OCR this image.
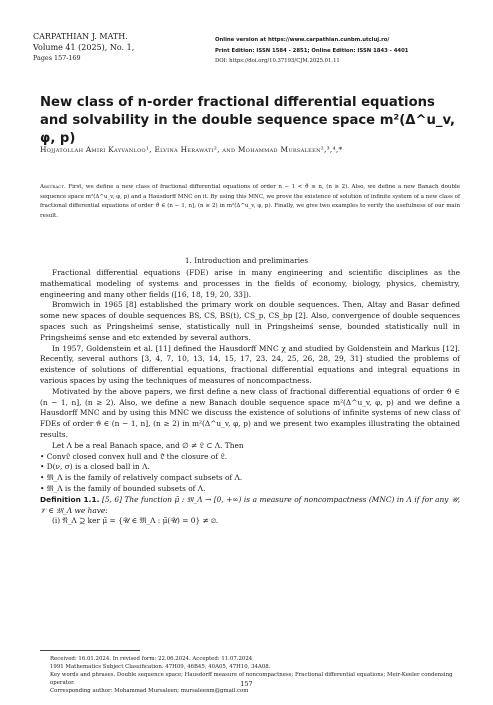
CARPATHIAN J. MATH.
Volume 41 (2025), No. 1,
Pages 157-169
Online version at https://www.carpathian.cunbm.utcluj.ro/
Print Edition: ISSN 1584 - 2851; Online Edition: ISSN 1843 - 4401
DOI: https://doi.org/10.37193/CJM.2025.01.11
New class of n-order fractional differential equations and solvability in the double sequence space m²(Δ^u_v, φ, p)
Hojjatollah Amiri Kayvanloo¹, Elvina Herawati², and Mohammad Mursaleen²,³,⁴,*
Abstract. First, we define a new class of fractional differential equations of order n − 1 < ϑ ≤ n, (n ≥ 2). Also, we define a new Banach double sequence space m²(Δ^u_v, φ, p) and a Hausdorff MNC on it. By using this MNC, we prove the existence of solution of infinite system of a new class of fractional differential equations of order ϑ ∈ (n − 1, n], (n ≥ 2) in m²(Δ^u_v, φ, p). Finally, we give two examples to verify the usefulness of our main result.
1. Introduction and preliminaries

Fractional differential equations (FDE) arise in many engineering and scientific disciplines as the mathematical modeling of systems and processes in the fields of economy, biology, physics, chemistry, engineering and many other fields ([16, 18, 19, 20, 33]).

Bromwich in 1965 [8] established the primary work on double sequences. Then, Altay and Basar defined some new spaces of double sequences BS, CS, BS(t), CS_p, CS_bp [2]. Also, convergence of double sequences spaces such as Pringsheimś sense, statistically null in Pringsheimś sense, bounded statistically null in Pringsheimś sense and etc extended by several authors.

In 1957, Goldenstein et al. [11] defined the Hausdorff MNC χ and studied by Goldenstein and Markus [12]. Recently, several authors [3, 4, 7, 10, 13, 14, 15, 17, 23, 24, 25, 26, 28, 29, 31] studied the problems of existence of solutions of differential equations, fractional differential equations and integral equations in various spaces by using the techniques of measures of noncompactness.

Motivated by the above papers, we first define a new class of fractional differential equations of order ϑ ∈ (n − 1, n], (n ≥ 2). Also, we define a new Banach double sequence space m²(Δ^u_v, φ, p) and we define a Hausdorff MNC and by using this MNC we discuss the existence of solutions of infinite systems of new class of FDEs of order ϑ ∈ (n − 1, n], (n ≥ 2) in m²(Δ^u_v, φ, p) and we present two examples illustrating the obtained results.

Let Λ be a real Banach space, and ∅ ≠ 𝔏 ⊂ Λ. Then

• Conv𝔏 closed convex hull and 𝔏̄ the closure of 𝔏.

• D(ν, σ) is a closed ball in Λ.

• 𝔐_Λ is the family of relatively compact subsets of Λ.

• 𝔐_Λ is the family of bounded subsets of Λ.

Definition 1.1. [5, 6] The function μ̃ : 𝔐_Λ → [0, +∞) is a measure of noncompactness (MNC) in Λ if for any 𝒰, 𝒱 ∈ 𝔐_Λ we have:

(i) 𝔑_Λ ⊇ ker μ̃ = {𝒰 ∈ 𝔐_Λ : μ̃(𝒰) = 0} ≠ ∅.

Received: 16.01.2024. In revised form: 22.06.2024. Accepted: 11.07.2024
1991 Mathematics Subject Classification. 47H09, 46B45, 40A05, 47H10, 34A08.
Key words and phrases. Double sequence space; Hausdorff measure of noncompactness; Fractional differential equations; Meir-Keeler condensing operator.
Corresponding author: Mohammad Mursaleen; mursaleenm@gmail.com
157
